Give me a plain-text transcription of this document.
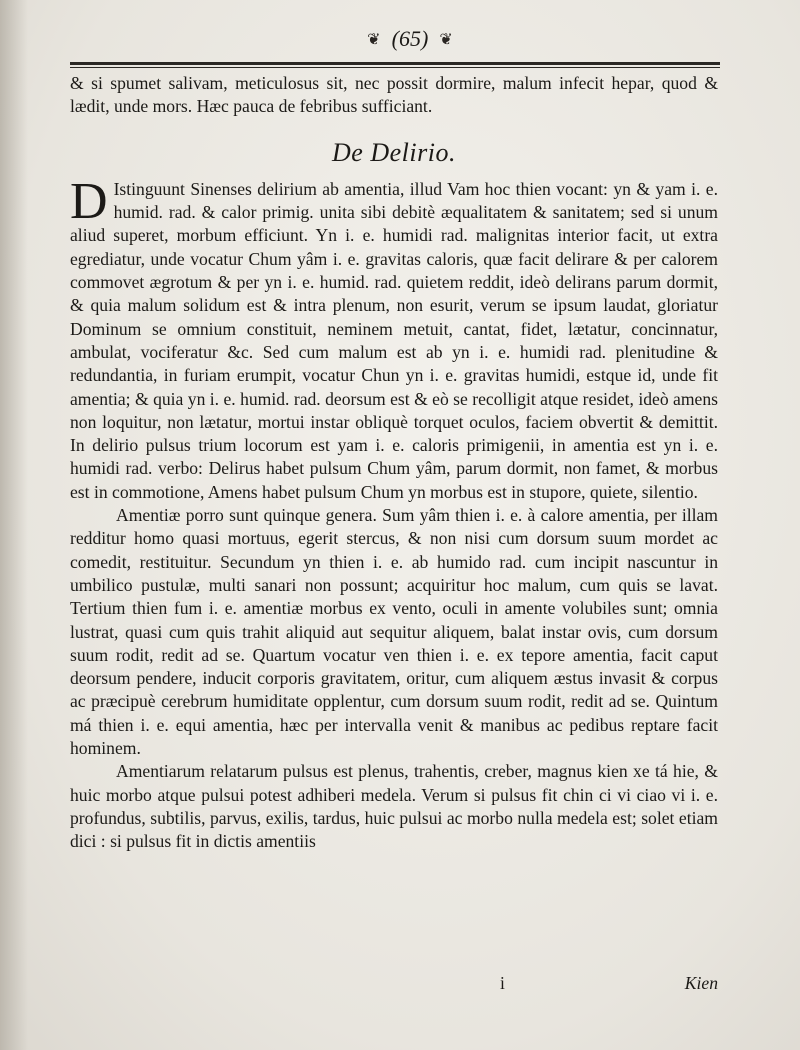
❦ (65) ❦

& si spumet salivam, meticulosus sit, nec possit dormire, malum infecit hepar, quod & lædit, unde mors. Hæc pauca de febribus sufficiant.

De Delirio.

D Istinguunt Sinenses delirium ab amentia, illud Vam hoc thien vocant: yn & yam i. e. humid. rad. & calor primig. unita sibi debitè æqualitatem & sanitatem; sed si unum aliud superet, morbum efficiunt. Yn i. e. humidi rad. malignitas interior facit, ut extra egrediatur, unde vocatur Chum yâm i. e. gravitas caloris, quæ facit delirare & per calorem commovet ægrotum & per yn i. e. humid. rad. quietem reddit, ideò delirans parum dormit, & quia malum solidum est & intra plenum, non esurit, verum se ipsum laudat, gloriatur Dominum se omnium constituit, neminem metuit, cantat, fidet, lætatur, concinnatur, ambulat, vociferatur &c. Sed cum malum est ab yn i. e. humidi rad. plenitudine & redundantia, in furiam erumpit, vocatur Chun yn i. e. gravitas humidi, estque id, unde fit amentia; & quia yn i. e. humid. rad. deorsum est & eò se recolligit atque residet, ideò amens non loquitur, non lætatur, mortui instar obliquè torquet oculos, faciem obvertit & demittit. In delirio pulsus trium locorum est yam i. e. caloris primigenii, in amentia est yn i. e. humidi rad. verbo: Delirus habet pulsum Chum yâm, parum dormit, non famet, & morbus est in commotione, Amens habet pulsum Chum yn morbus est in stupore, quiete, silentio.

Amentiæ porro sunt quinque genera. Sum yâm thien i. e. à calore amentia, per illam redditur homo quasi mortuus, egerit stercus, & non nisi cum dorsum suum mordet ac comedit, restituitur. Secundum yn thien i. e. ab humido rad. cum incipit nascuntur in umbilico pustulæ, multi sanari non possunt; acquiritur hoc malum, cum quis se lavat. Tertium thien fum i. e. amentiæ morbus ex vento, oculi in amente volubiles sunt; omnia lustrat, quasi cum quis trahit aliquid aut sequitur aliquem, balat instar ovis, cum dorsum suum rodit, redit ad se. Quartum vocatur ven thien i. e. ex tepore amentia, facit caput deorsum pendere, inducit corporis gravitatem, oritur, cum aliquem æstus invasit & corpus ac præcipuè cerebrum humiditate opplentur, cum dorsum suum rodit, redit ad se. Quintum má thien i. e. equi amentia, hæc per intervalla venit & manibus ac pedibus reptare facit hominem.

Amentiarum relatarum pulsus est plenus, trahentis, creber, magnus kien xe tá hie, & huic morbo atque pulsui potest adhiberi medela. Verum si pulsus fit chin ci vi ciao vi i. e. profundus, subtilis, parvus, exilis, tardus, huic pulsui ac morbo nulla medela est; solet etiam dici : si pulsus fit in dictis amentiis

i	Kien
